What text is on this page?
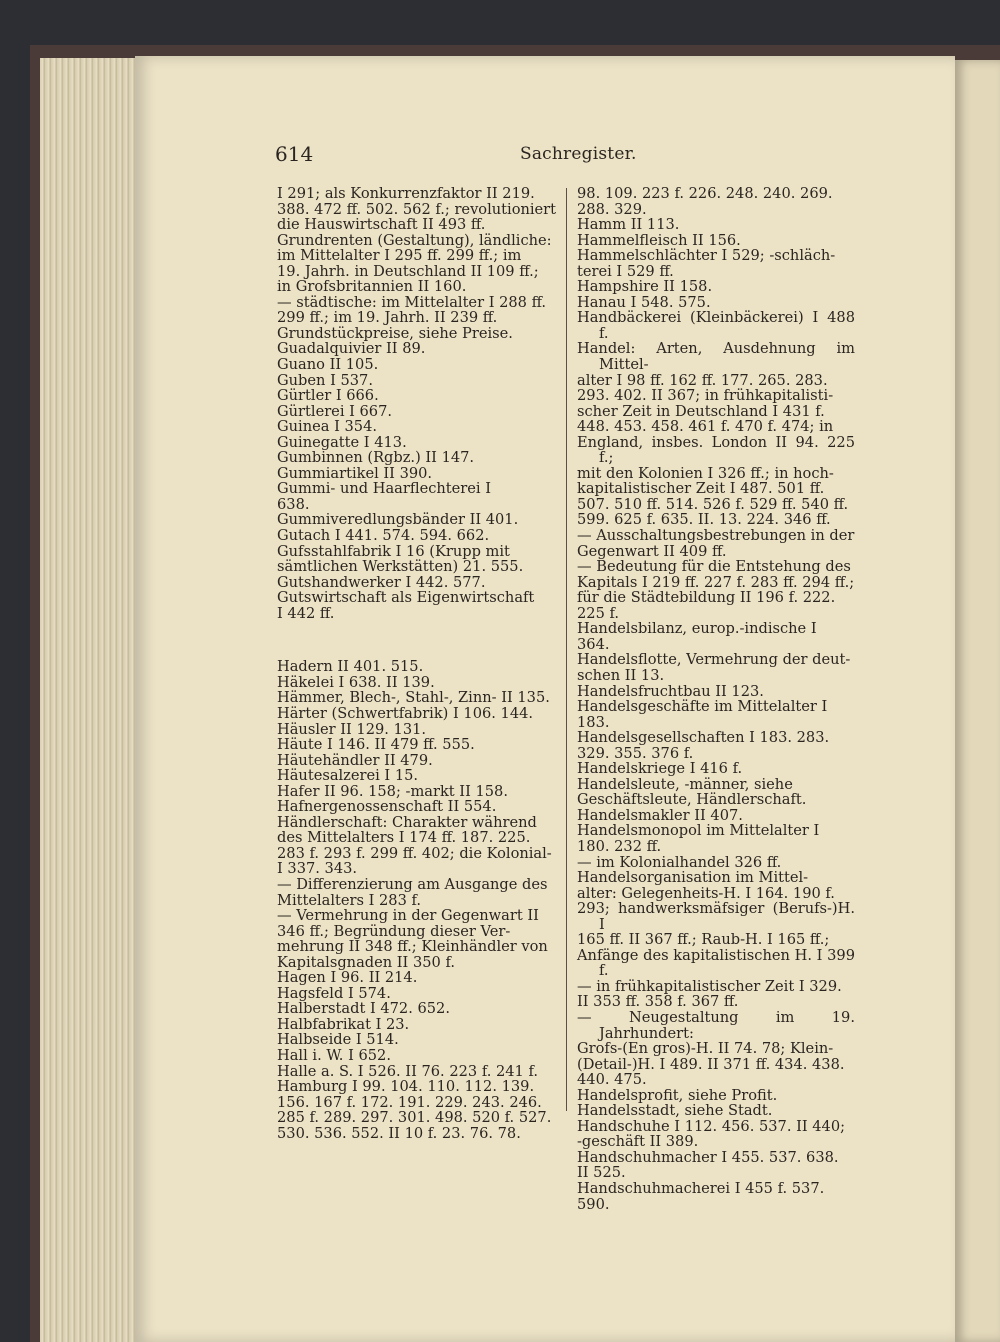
614	Sachregister.
I 291; als Konkurrenzfaktor II 219.
388. 472 ff. 502. 562 f.; revolutioniert
die Hauswirtschaft II 493 ff.
Grundrenten (Gestaltung), ländliche:
im Mittelalter I 295 ff. 299 ff.; im
19. Jahrh. in Deutschland II 109 ff.;
in Grofsbritannien II 160.
— städtische: im Mittelalter I 288 ff.
299 ff.; im 19. Jahrh. II 239 ff.
Grundstückpreise, siehe Preise.
Guadalquivier II 89.
Guano II 105.
Guben I 537.
Gürtler I 666.
Gürtlerei I 667.
Guinea I 354.
Guinegatte I 413.
Gumbinnen (Rgbz.) II 147.
Gummiartikel II 390.
Gummi- und Haarflechterei I
638.
Gummiveredlungsbänder II 401.
Gutach I 441. 574. 594. 662.
Gufsstahlfabrik I 16 (Krupp mit
sämtlichen Werkstätten) 21. 555.
Gutshandwerker I 442. 577.
Gutswirtschaft als Eigenwirtschaft
I 442 ff.
Hadern II 401. 515.
Häkelei I 638. II 139.
Hämmer, Blech-, Stahl-, Zinn- II 135.
Härter (Schwertfabrik) I 106. 144.
Häusler II 129. 131.
Häute I 146. II 479 ff. 555.
Häutehändler II 479.
Häutesalzerei I 15.
Hafer II 96. 158; -markt II 158.
Hafnergenossenschaft II 554.
Händlerschaft: Charakter während
des Mittelalters I 174 ff. 187. 225.
283 f. 293 f. 299 ff. 402; die Kolonial-
I 337. 343.
— Differenzierung am Ausgange des
Mittelalters I 283 f.
— Vermehrung in der Gegenwart II
346 ff.; Begründung dieser Ver-
mehrung II 348 ff.; Kleinhändler von
Kapitalsgnaden II 350 f.
Hagen I 96. II 214.
Hagsfeld I 574.
Halberstadt I 472. 652.
Halbfabrikat I 23.
Halbseide I 514.
Hall i. W. I 652.
Halle a. S. I 526. II 76. 223 f. 241 f.
Hamburg I 99. 104. 110. 112. 139.
156. 167 f. 172. 191. 229. 243. 246.
285 f. 289. 297. 301. 498. 520 f. 527.
530. 536. 552. II 10 f. 23. 76. 78.
98. 109. 223 f. 226. 248. 240. 269.
288. 329.
Hamm II 113.
Hammelfleisch II 156.
Hammelschlächter I 529; -schläch-
terei I 529 ff.
Hampshire II 158.
Hanau I 548. 575.
Handbäckerei (Kleinbäckerei) I 488 f.
Handel: Arten, Ausdehnung im Mittel-
alter I 98 ff. 162 ff. 177. 265. 283.
293. 402. II 367; in frühkapitalisti-
scher Zeit in Deutschland I 431 f.
448. 453. 458. 461 f. 470 f. 474; in
England, insbes. London II 94. 225 f.;
mit den Kolonien I 326 ff.; in hoch-
kapitalistischer Zeit I 487. 501 ff.
507. 510 ff. 514. 526 f. 529 ff. 540 ff.
599. 625 f. 635. II. 13. 224. 346 ff.
— Ausschaltungsbestrebungen in der
Gegenwart II 409 ff.
— Bedeutung für die Entstehung des
Kapitals I 219 ff. 227 f. 283 ff. 294 ff.;
für die Städtebildung II 196 f. 222.
225 f.
Handelsbilanz, europ.-indische I
364.
Handelsflotte, Vermehrung der deut-
schen II 13.
Handelsfruchtbau II 123.
Handelsgeschäfte im Mittelalter I
183.
Handelsgesellschaften I 183. 283.
329. 355. 376 f.
Handelskriege I 416 f.
Handelsleute, -männer, siehe
Geschäftsleute, Händlerschaft.
Handelsmakler II 407.
Handelsmonopol im Mittelalter I
180. 232 ff.
— im Kolonialhandel 326 ff.
Handelsorganisation im Mittel-
alter: Gelegenheits-H. I 164. 190 f.
293; handwerksmäfsiger (Berufs-)H. I
165 ff. II 367 ff.; Raub-H. I 165 ff.;
Anfänge des kapitalistischen H. I 399 f.
— in frühkapitalistischer Zeit I 329.
II 353 ff. 358 f. 367 ff.
— Neugestaltung im 19. Jahrhundert:
Grofs-(En gros)-H. II 74. 78; Klein-
(Detail-)H. I 489. II 371 ff. 434. 438.
440. 475.
Handelsprofit, siehe Profit.
Handelsstadt, siehe Stadt.
Handschuhe I 112. 456. 537. II 440;
-geschäft II 389.
Handschuhmacher I 455. 537. 638.
II 525.
Handschuhmacherei I 455 f. 537.
590.
